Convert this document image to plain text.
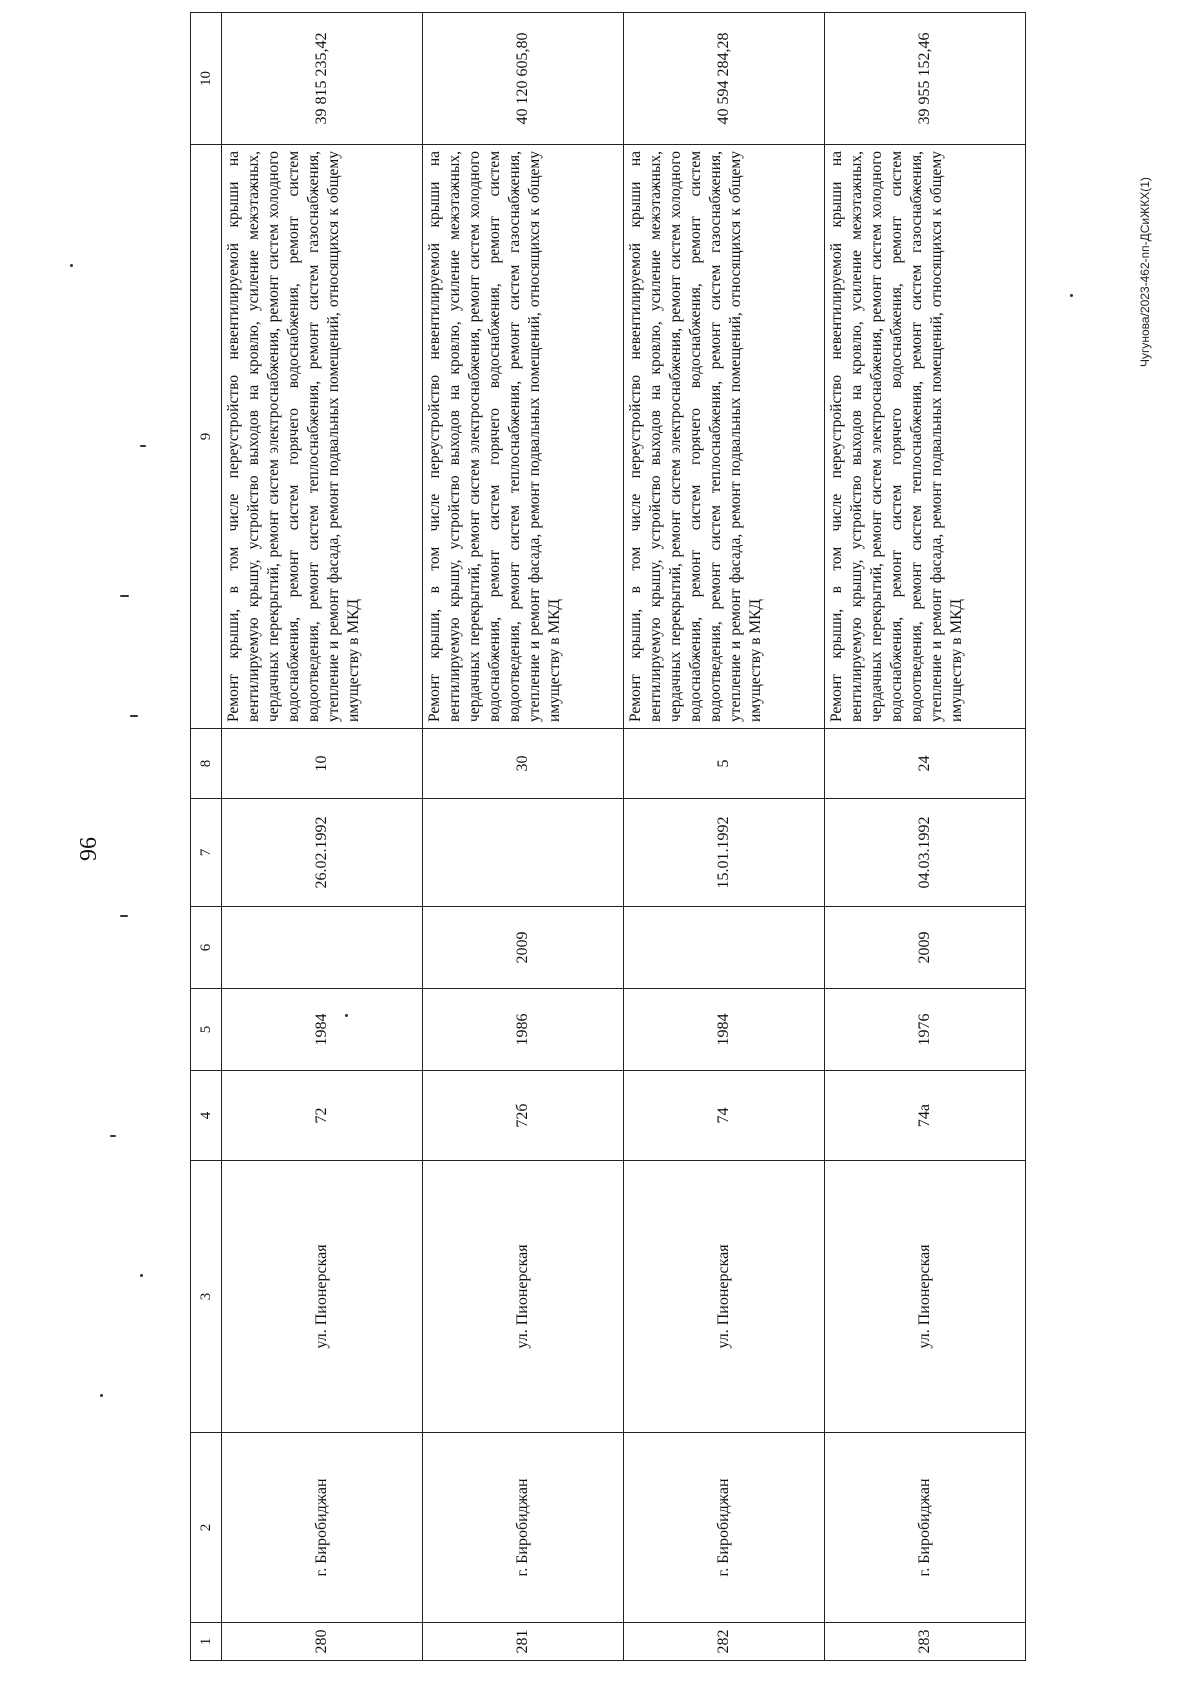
96
1	2	3	4	5	6	7	8	9	10
280	г. Биробиджан	ул. Пионерская	72	1984		26.02.1992	10	Ремонт крыши, в том числе переустройство невентилируемой крыши на вентилируемую крышу, устройство выходов на кровлю, усиление межэтажных, чердачных перекрытий, ремонт систем электроснабжения, ремонт систем холодного водоснабжения, ремонт систем горячего водоснабжения, ремонт систем водоотведения, ремонт систем теплоснабжения, ремонт систем газоснабжения, утепление и ремонт фасада, ремонт подвальных помещений, относящихся к общему имуществу в МКД	39 815 235,42
281	г. Биробиджан	ул. Пионерская	72б	1986	2009		30	Ремонт крыши, в том числе переустройство невентилируемой крыши на вентилируемую крышу, устройство выходов на кровлю, усиление межэтажных, чердачных перекрытий, ремонт систем электроснабжения, ремонт систем холодного водоснабжения, ремонт систем горячего водоснабжения, ремонт систем водоотведения, ремонт систем теплоснабжения, ремонт систем газоснабжения, утепление и ремонт фасада, ремонт подвальных помещений, относящихся к общему имуществу в МКД	40 120 605,80
282	г. Биробиджан	ул. Пионерская	74	1984		15.01.1992	5	Ремонт крыши, в том числе переустройство невентилируемой крыши на вентилируемую крышу, устройство выходов на кровлю, усиление межэтажных, чердачных перекрытий, ремонт систем электроснабжения, ремонт систем холодного водоснабжения, ремонт систем горячего водоснабжения, ремонт систем водоотведения, ремонт систем теплоснабжения, ремонт систем газоснабжения, утепление и ремонт фасада, ремонт подвальных помещений, относящихся к общему имуществу в МКД	40 594 284,28
283	г. Биробиджан	ул. Пионерская	74а	1976	2009	04.03.1992	24	Ремонт крыши, в том числе переустройство невентилируемой крыши на вентилируемую крышу, устройство выходов на кровлю, усиление межэтажных, чердачных перекрытий, ремонт систем электроснабжения, ремонт систем холодного водоснабжения, ремонт систем горячего водоснабжения, ремонт систем водоотведения, ремонт систем теплоснабжения, ремонт систем газоснабжения, утепление и ремонт фасада, ремонт подвальных помещений, относящихся к общему имуществу в МКД	39 955 152,46
Чугунова/2023-462-пп-ДСиЖКХ(1)
